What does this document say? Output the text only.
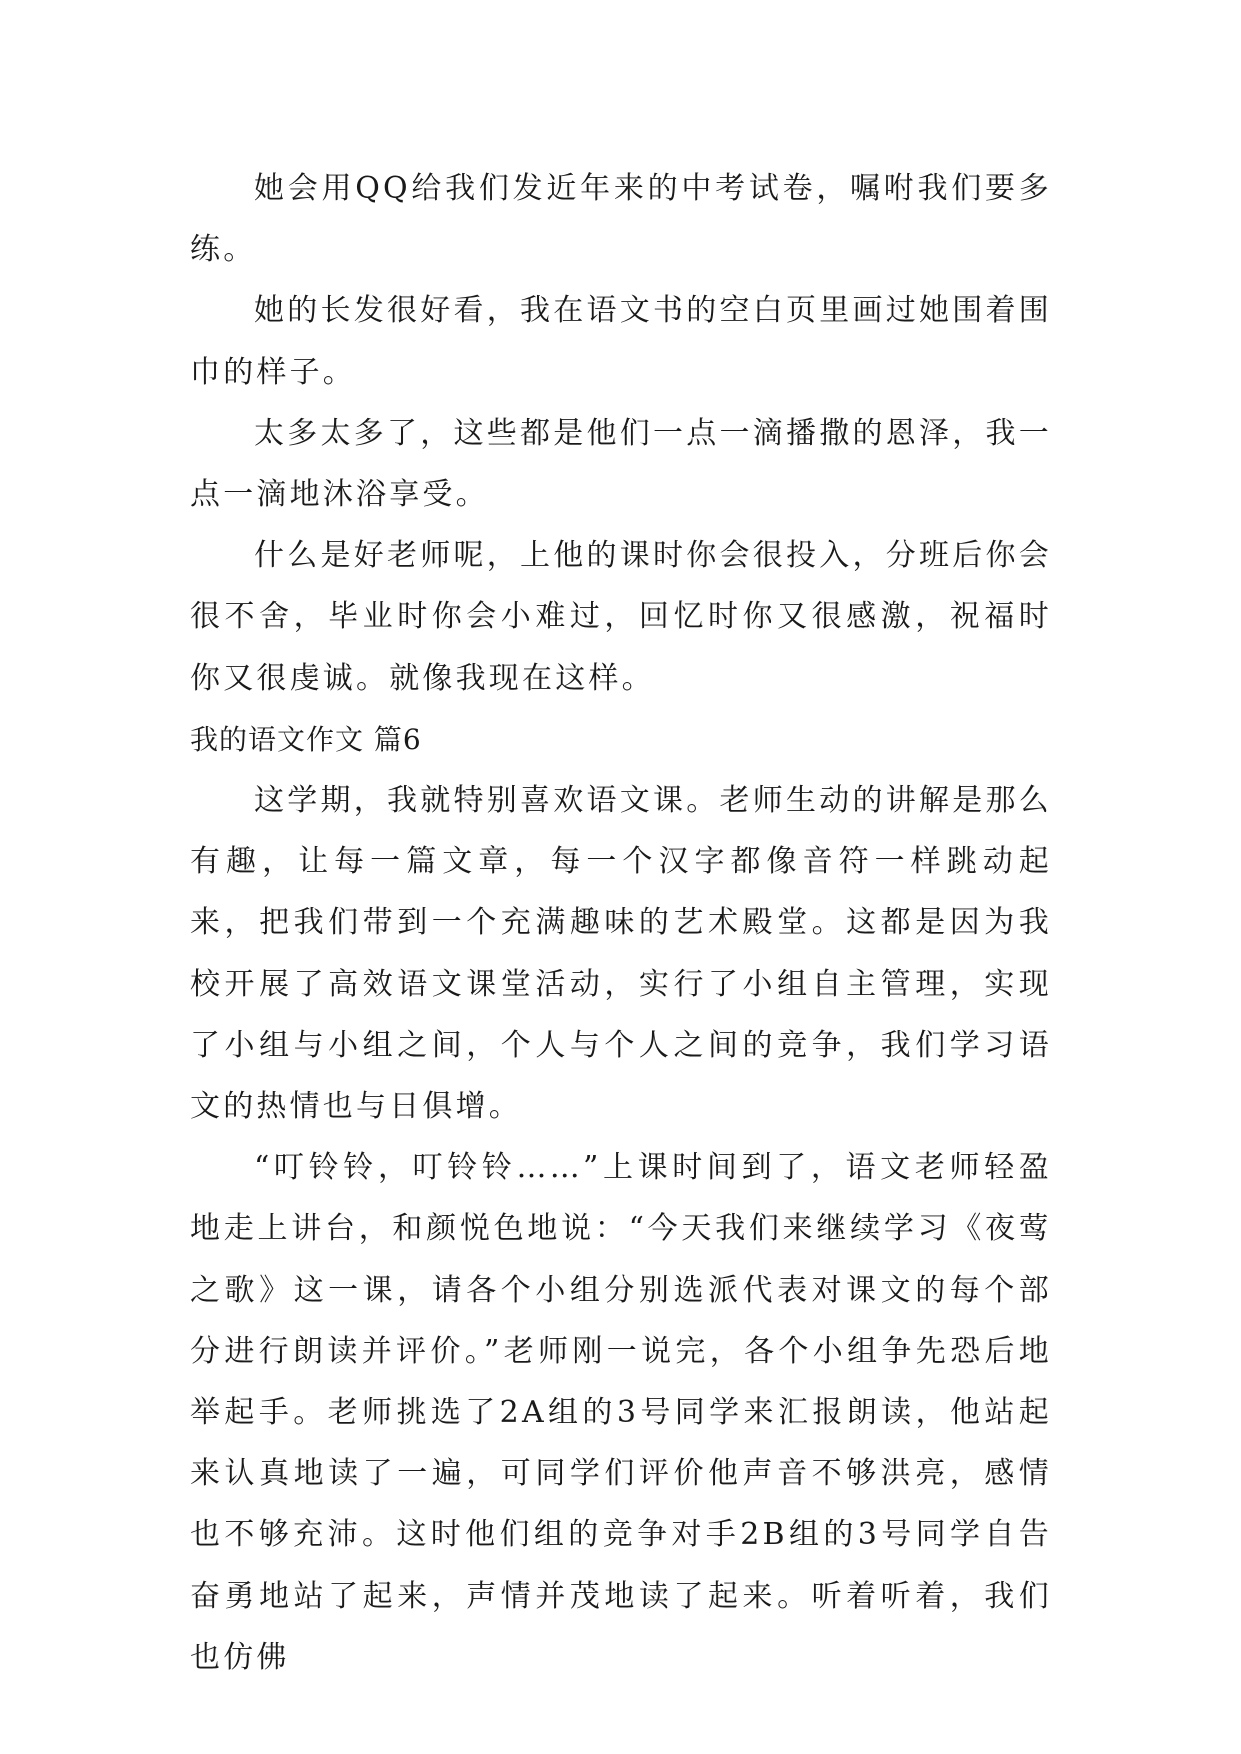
她会用QQ给我们发近年来的中考试卷，嘱咐我们要多练。

她的长发很好看，我在语文书的空白页里画过她围着围巾的样子。

太多太多了，这些都是他们一点一滴播撒的恩泽，我一点一滴地沐浴享受。

什么是好老师呢，上他的课时你会很投入，分班后你会很不舍，毕业时你会小难过，回忆时你又很感激，祝福时你又很虔诚。就像我现在这样。

我的语文作文 篇6

这学期，我就特别喜欢语文课。老师生动的讲解是那么有趣，让每一篇文章，每一个汉字都像音符一样跳动起来，把我们带到一个充满趣味的艺术殿堂。这都是因为我校开展了高效语文课堂活动，实行了小组自主管理，实现了小组与小组之间，个人与个人之间的竞争，我们学习语文的热情也与日俱增。

“叮铃铃，叮铃铃……”上课时间到了，语文老师轻盈地走上讲台，和颜悦色地说：“今天我们来继续学习《夜莺之歌》这一课，请各个小组分别选派代表对课文的每个部分进行朗读并评价。”老师刚一说完，各个小组争先恐后地举起手。老师挑选了2A组的3号同学来汇报朗读，他站起来认真地读了一遍，可同学们评价他声音不够洪亮，感情也不够充沛。这时他们组的竞争对手2B组的3号同学自告奋勇地站了起来，声情并茂地读了起来。听着听着，我们也仿佛
